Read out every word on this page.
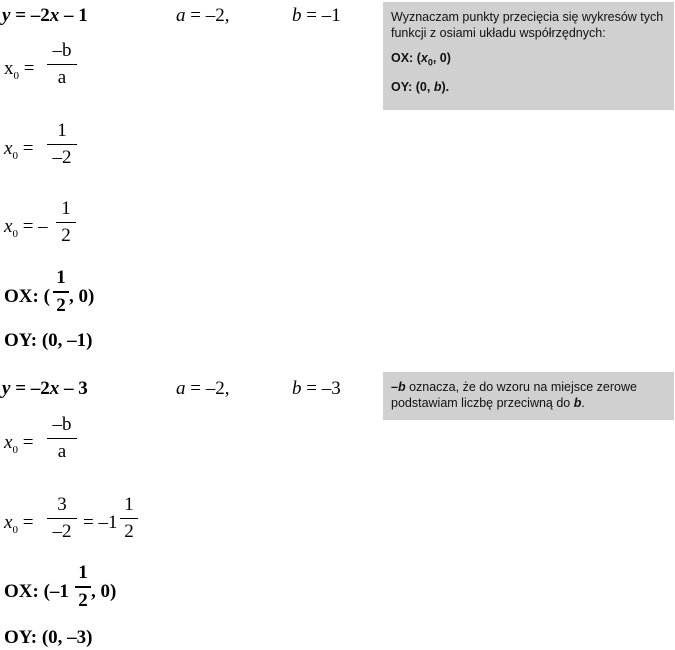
y = –2x – 1	a = –2,	b = –1
$x_0$ =
–b
a
$x_0$ =
1
–2
$x_0$ = –
1
2
OX: (
1
2 , 0)
OY: (0, –1)
y = –2x – 3	a = –2,	b = –3
$x_0$ =
–b
a
$x_0$ =
3
–2 = –1
1
2
OX: (–1
1
2 , 0)
OY: (0, –3)

Wyznaczam punkty przecięcia się wykresów tych funkcji z osiami układu współrzędnych:

OX: ($x_0$, 0)

OY: (0, b).

–b oznacza, że do wzoru na miejsce zerowe podstawiam liczbę przeciwną do b.
